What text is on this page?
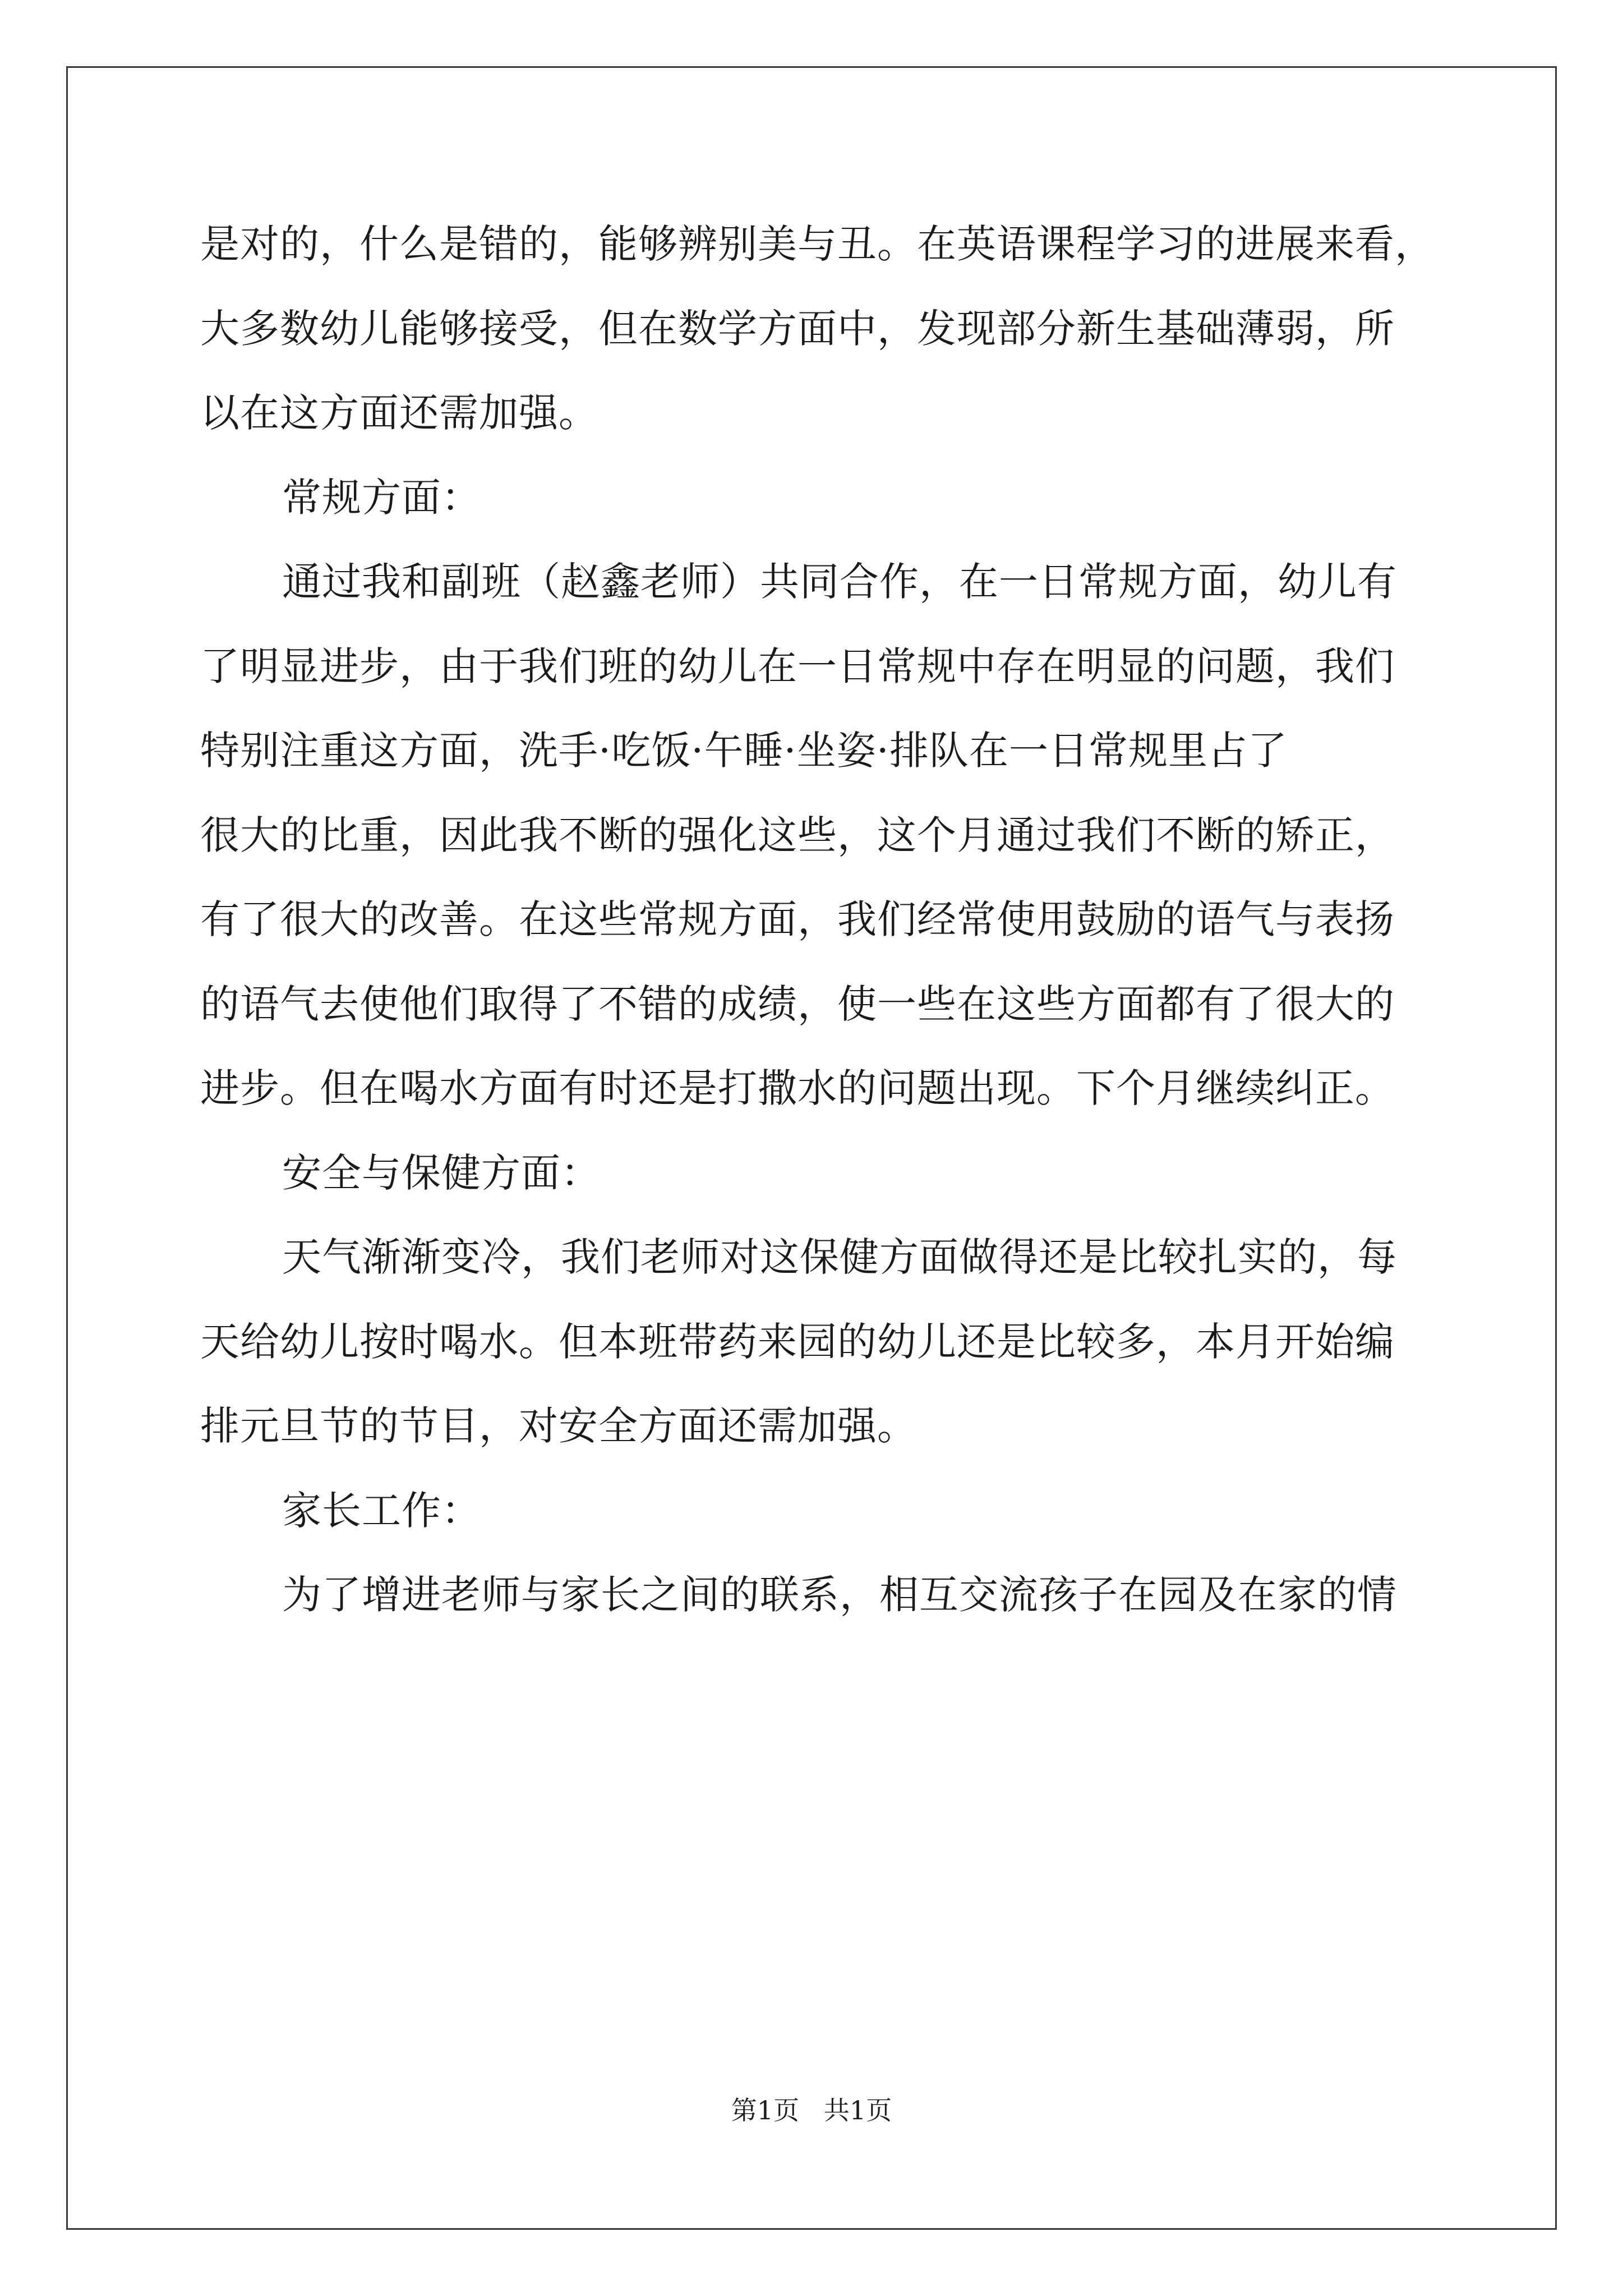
是对的，什么是错的，能够辨别美与丑。在英语课程学习的进展来看，
大多数幼儿能够接受，但在数学方面中，发现部分新生基础薄弱，所
以在这方面还需加强。
常规方面：
通过我和副班（赵鑫老师）共同合作，在一日常规方面，幼儿有
了明显进步，由于我们班的幼儿在一日常规中存在明显的问题，我们
特别注重这方面，洗手·吃饭·午睡·坐姿·排队在一日常规里占了
很大的比重，因此我不断的强化这些，这个月通过我们不断的矫正，
有了很大的改善。在这些常规方面，我们经常使用鼓励的语气与表扬
的语气去使他们取得了不错的成绩，使一些在这些方面都有了很大的
进步。但在喝水方面有时还是打撒水的问题出现。下个月继续纠正。
安全与保健方面：
天气渐渐变冷，我们老师对这保健方面做得还是比较扎实的，每
天给幼儿按时喝水。但本班带药来园的幼儿还是比较多，本月开始编
排元旦节的节目，对安全方面还需加强。
家长工作：
为了增进老师与家长之间的联系，相互交流孩子在园及在家的情
第1页   共1页
